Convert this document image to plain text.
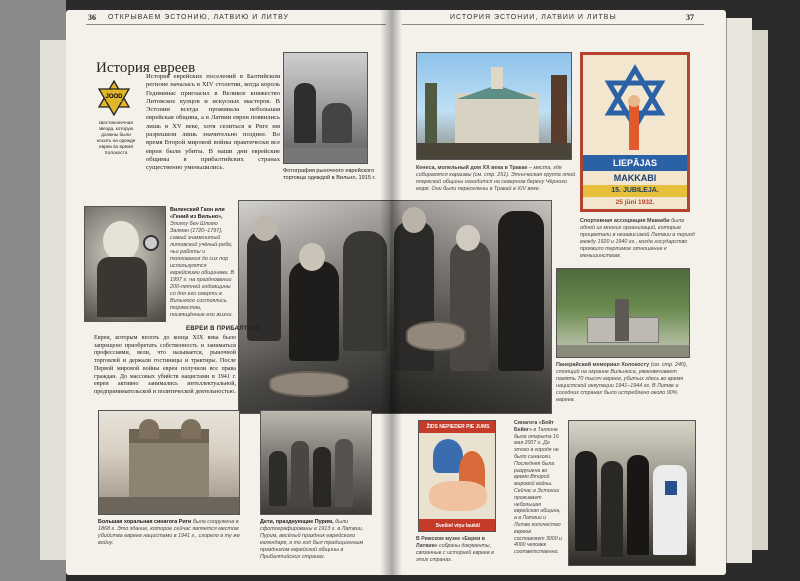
36 ОТКРЫВАЕМ ЭСТОНИЮ, ЛАТВИЮ И ЛИТВУ
История евреев
JOOD
Шестиконечная звезда, которую должны были носить на одежде евреи во время Холокоста
История еврейских поселений в Балтийском регионе началась в XIV столетии, когда король Гедиминас пригласил в Великое княжество Литовское купцов и искусных мастеров. В Эстонии всегда проживала небольшая еврейская община, а в Латвии евреи появились лишь в XV веке, хотя селиться в Риге им разрешили лишь значительно позднее. Во время Второй мировой войны практически все евреи были убиты. В наши дни еврейские общины в прибалтийских странах существенно уменьшились.	Фотография рыночного еврейского торговца одеждой в Вильно, 1915 г.
Виленский Гаон или «Гений из Вильно», Элияху бен Шломо Залман (1720–1797), самый знаменитый литовский учёный-ребе, чьи работы и толкования до сих пор используются еврейскими общинами. В 1997 г. на праздновании 200-летней годовщины со дня его смерти в Вильнюсе состоялись торжества, посвящённые его жизни.
ЕВРЕИ В ПРИБАЛТИКЕ
Евреи, которым вплоть до конца XIX века было запрещено приобретать собственность и заниматься профессиями, вели, что называется, рыночной торговлей и держали гостиницы и трактиры. После Первой мировой войны евреи получили все права граждан. До массовых убийств нацистами в 1941 г. евреи активно занимались интеллектуальной, предпринимательской и политической деятельностью.
Большая хоральная синагога Риги была сооружена в 1868 г. Это здание, которое сейчас является местом убийства евреев нацистами в 1941 г., сгорело в ту же войну.
Дети, празднующие Пурим, были сфотографированы в 1913 г. в Латвии. Пурим, весёлый праздник еврейского календаря, в то год был традиционным праздником еврейской общины в Прибалтийских странах.
ИСТОРИЯ ЭСТОНИИ, ЛАТВИИ И ЛИТВЫ	37
Кенеса, молельный дом XX века в Тракае – места, где собираются караимы (см. стр. 251). Этническая группа этой тюркской общины находится на северном берегу Чёрного моря. Они были переселены в Тракай в XIV веке.
LIEPĀJAS
MAKKABI
15. JUBILEJA.
25 jūni 1932.
Спортивная ассоциация Маккаби была одной из многих организаций, которые процветали в независимой Латвии в период между 1920 и 1940 гг., когда государство проявило терпимое отношение к меньшинствам.
Панерайский мемориал Холокосту (см. стр. 240), стоящий на окраине Вильнюса, увековечивает память 70 тысяч евреев, убитых здесь во время нацистской оккупации 1941–1944 гг. В Литве и соседних странах было истреблено около 90% евреев.
ŽIDS NEPIEDER PIE JUMS
Svešiel viņu laukā!
В Рижском музее «Евреи в Латвии» собраны документы, связанные с историей евреев в этих странах.
Синагога «Бейт Бейнг» в Таллине была открыта 16 мая 2007 г. До этого в городе не было синагоги. Последняя была разрушена во время Второй мировой войны. Сейчас в Эстонии проживает небольшая еврейская община, а в Латвии и Литве количество евреев составляет 3000 и 4000 человек соответственно.
